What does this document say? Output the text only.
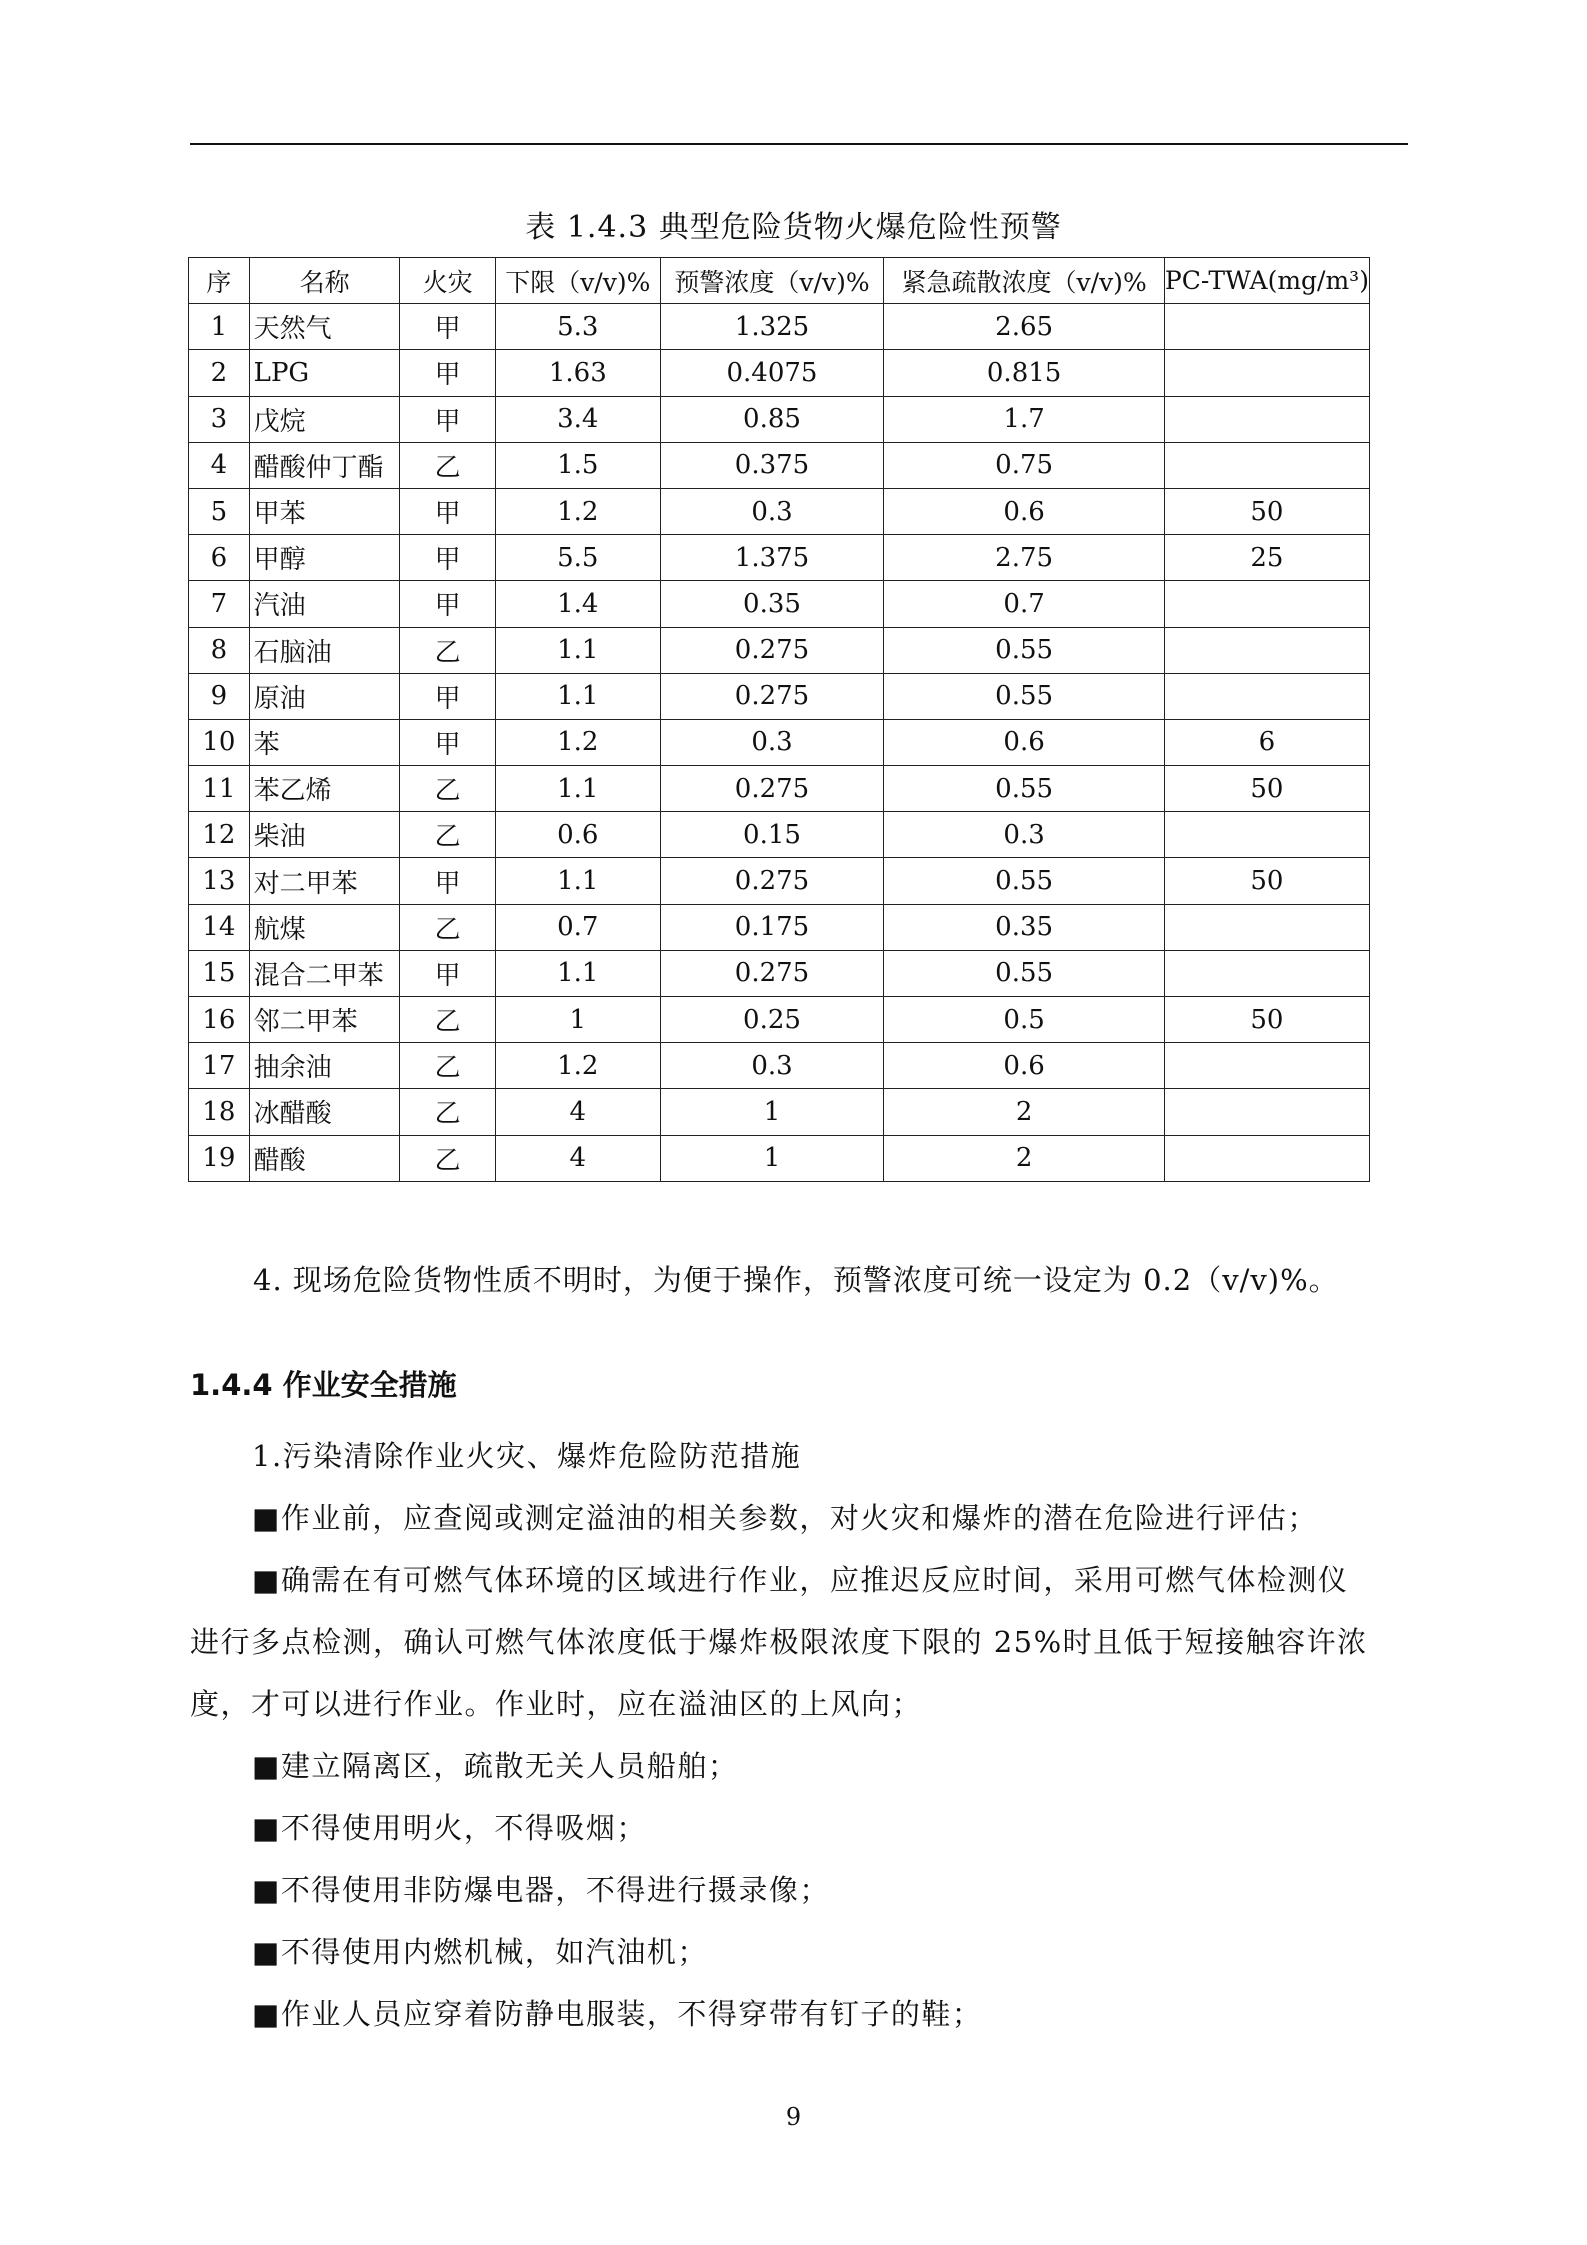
表 1.4.3 典型危险货物火爆危险性预警
序	名称	火灾	下限（v/v)%	预警浓度（v/v)%	紧急疏散浓度（v/v)%	PC-TWA(mg/m³)
1	天然气	甲	5.3	1.325	2.65	
2	LPG	甲	1.63	0.4075	0.815	
3	戊烷	甲	3.4	0.85	1.7	
4	醋酸仲丁酯	乙	1.5	0.375	0.75	
5	甲苯	甲	1.2	0.3	0.6	50
6	甲醇	甲	5.5	1.375	2.75	25
7	汽油	甲	1.4	0.35	0.7	
8	石脑油	乙	1.1	0.275	0.55	
9	原油	甲	1.1	0.275	0.55	
10	苯	甲	1.2	0.3	0.6	6
11	苯乙烯	乙	1.1	0.275	0.55	50
12	柴油	乙	0.6	0.15	0.3	
13	对二甲苯	甲	1.1	0.275	0.55	50
14	航煤	乙	0.7	0.175	0.35	
15	混合二甲苯	甲	1.1	0.275	0.55	
16	邻二甲苯	乙	1	0.25	0.5	50
17	抽余油	乙	1.2	0.3	0.6	
18	冰醋酸	乙	4	1	2	
19	醋酸	乙	4	1	2	
4. 现场危险货物性质不明时，为便于操作，预警浓度可统一设定为 0.2（v/v)%。
1.4.4 作业安全措施

1.污染清除作业火灾、爆炸危险防范措施

■作业前，应查阅或测定溢油的相关参数，对火灾和爆炸的潜在危险进行评估；

■确需在有可燃气体环境的区域进行作业，应推迟反应时间，采用可燃气体检测仪

进行多点检测，确认可燃气体浓度低于爆炸极限浓度下限的 25%时且低于短接触容许浓

度，才可以进行作业。作业时，应在溢油区的上风向；

■建立隔离区，疏散无关人员船舶；

■不得使用明火，不得吸烟；

■不得使用非防爆电器，不得进行摄录像；

■不得使用内燃机械，如汽油机；

■作业人员应穿着防静电服装，不得穿带有钉子的鞋；

9
